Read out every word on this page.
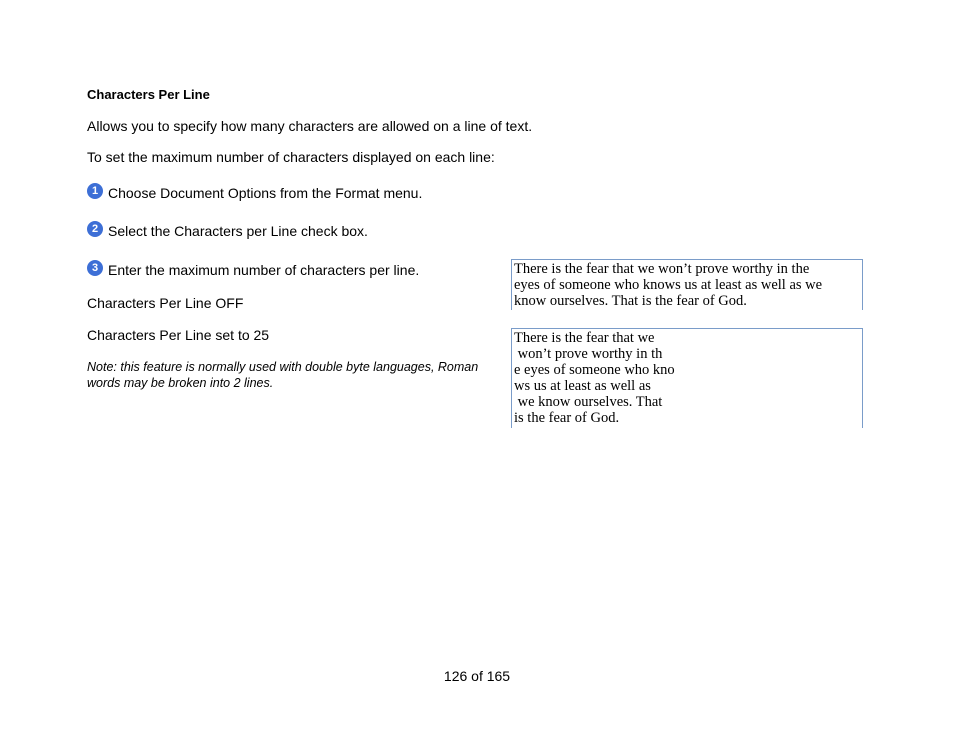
Characters Per Line
Allows you to specify how many characters are allowed on a line of text.
To set the maximum number of characters displayed on each line:
1 Choose Document Options from the Format menu.
2 Select the Characters per Line check box.
3 Enter the maximum number of characters per line.
Characters Per Line OFF
Characters Per Line set to 25
Note: this feature is normally used with double byte languages, Roman words may be broken into 2 lines.
There is the fear that we won’t prove worthy in the
eyes of someone who knows us at least as well as we
know ourselves. That is the fear of God.
There is the fear that we
won’t prove worthy in th
e eyes of someone who kno
ws us at least as well as
we know ourselves. That
is the fear of God.
126 of 165
